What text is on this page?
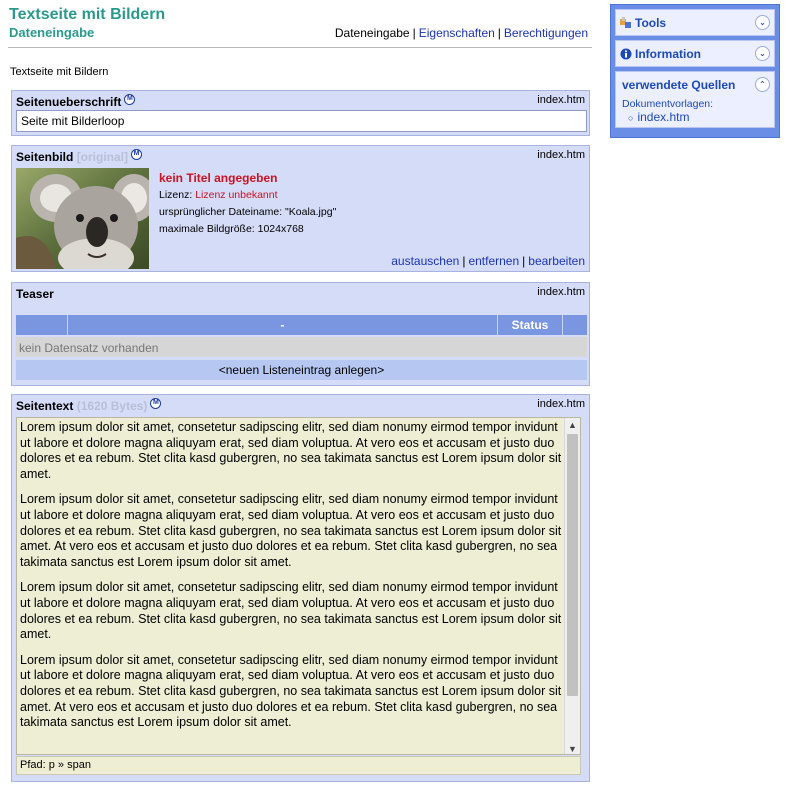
Textseite mit Bildern
Dateneingabe	Dateneingabe | Eigenschaften | Berechtigungen
Textseite mit Bildern
Seitenueberschrift M	index.htm
Seite mit Bilderloop
Seitenbild [original] M	index.htm
kein Titel angegeben
Lizenz: Lizenz unbekannt
ursprünglicher Dateiname: "Koala.jpg"
maximale Bildgröße: 1024x768
austauschen | entfernen | bearbeiten
Teaser	index.htm
-	Status
kein Datensatz vorhanden
<neuen Listeneintrag anlegen>
Seitentext (1620 Bytes) M	index.htm

Lorem ipsum dolor sit amet, consetetur sadipscing elitr, sed diam nonumy eirmod tempor invidunt ut labore et dolore magna aliquyam erat, sed diam voluptua. At vero eos et accusam et justo duo dolores et ea rebum. Stet clita kasd gubergren, no sea takimata sanctus est Lorem ipsum dolor sit amet.

Lorem ipsum dolor sit amet, consetetur sadipscing elitr, sed diam nonumy eirmod tempor invidunt ut labore et dolore magna aliquyam erat, sed diam voluptua. At vero eos et accusam et justo duo dolores et ea rebum. Stet clita kasd gubergren, no sea takimata sanctus est Lorem ipsum dolor sit amet. At vero eos et accusam et justo duo dolores et ea rebum. Stet clita kasd gubergren, no sea takimata sanctus est Lorem ipsum dolor sit amet.

Lorem ipsum dolor sit amet, consetetur sadipscing elitr, sed diam nonumy eirmod tempor invidunt ut labore et dolore magna aliquyam erat, sed diam voluptua. At vero eos et accusam et justo duo dolores et ea rebum. Stet clita kasd gubergren, no sea takimata sanctus est Lorem ipsum dolor sit amet.

Lorem ipsum dolor sit amet, consetetur sadipscing elitr, sed diam nonumy eirmod tempor invidunt ut labore et dolore magna aliquyam erat, sed diam voluptua. At vero eos et accusam et justo duo dolores et ea rebum. Stet clita kasd gubergren, no sea takimata sanctus est Lorem ipsum dolor sit amet. At vero eos et accusam et justo duo dolores et ea rebum. Stet clita kasd gubergren, no sea takimata sanctus est Lorem ipsum dolor sit amet.

▲
▼
Pfad: p » span
Tools	⌄
Information	⌄
verwendete Quellen	⌃
Dokumentvorlagen:
○ index.htm
